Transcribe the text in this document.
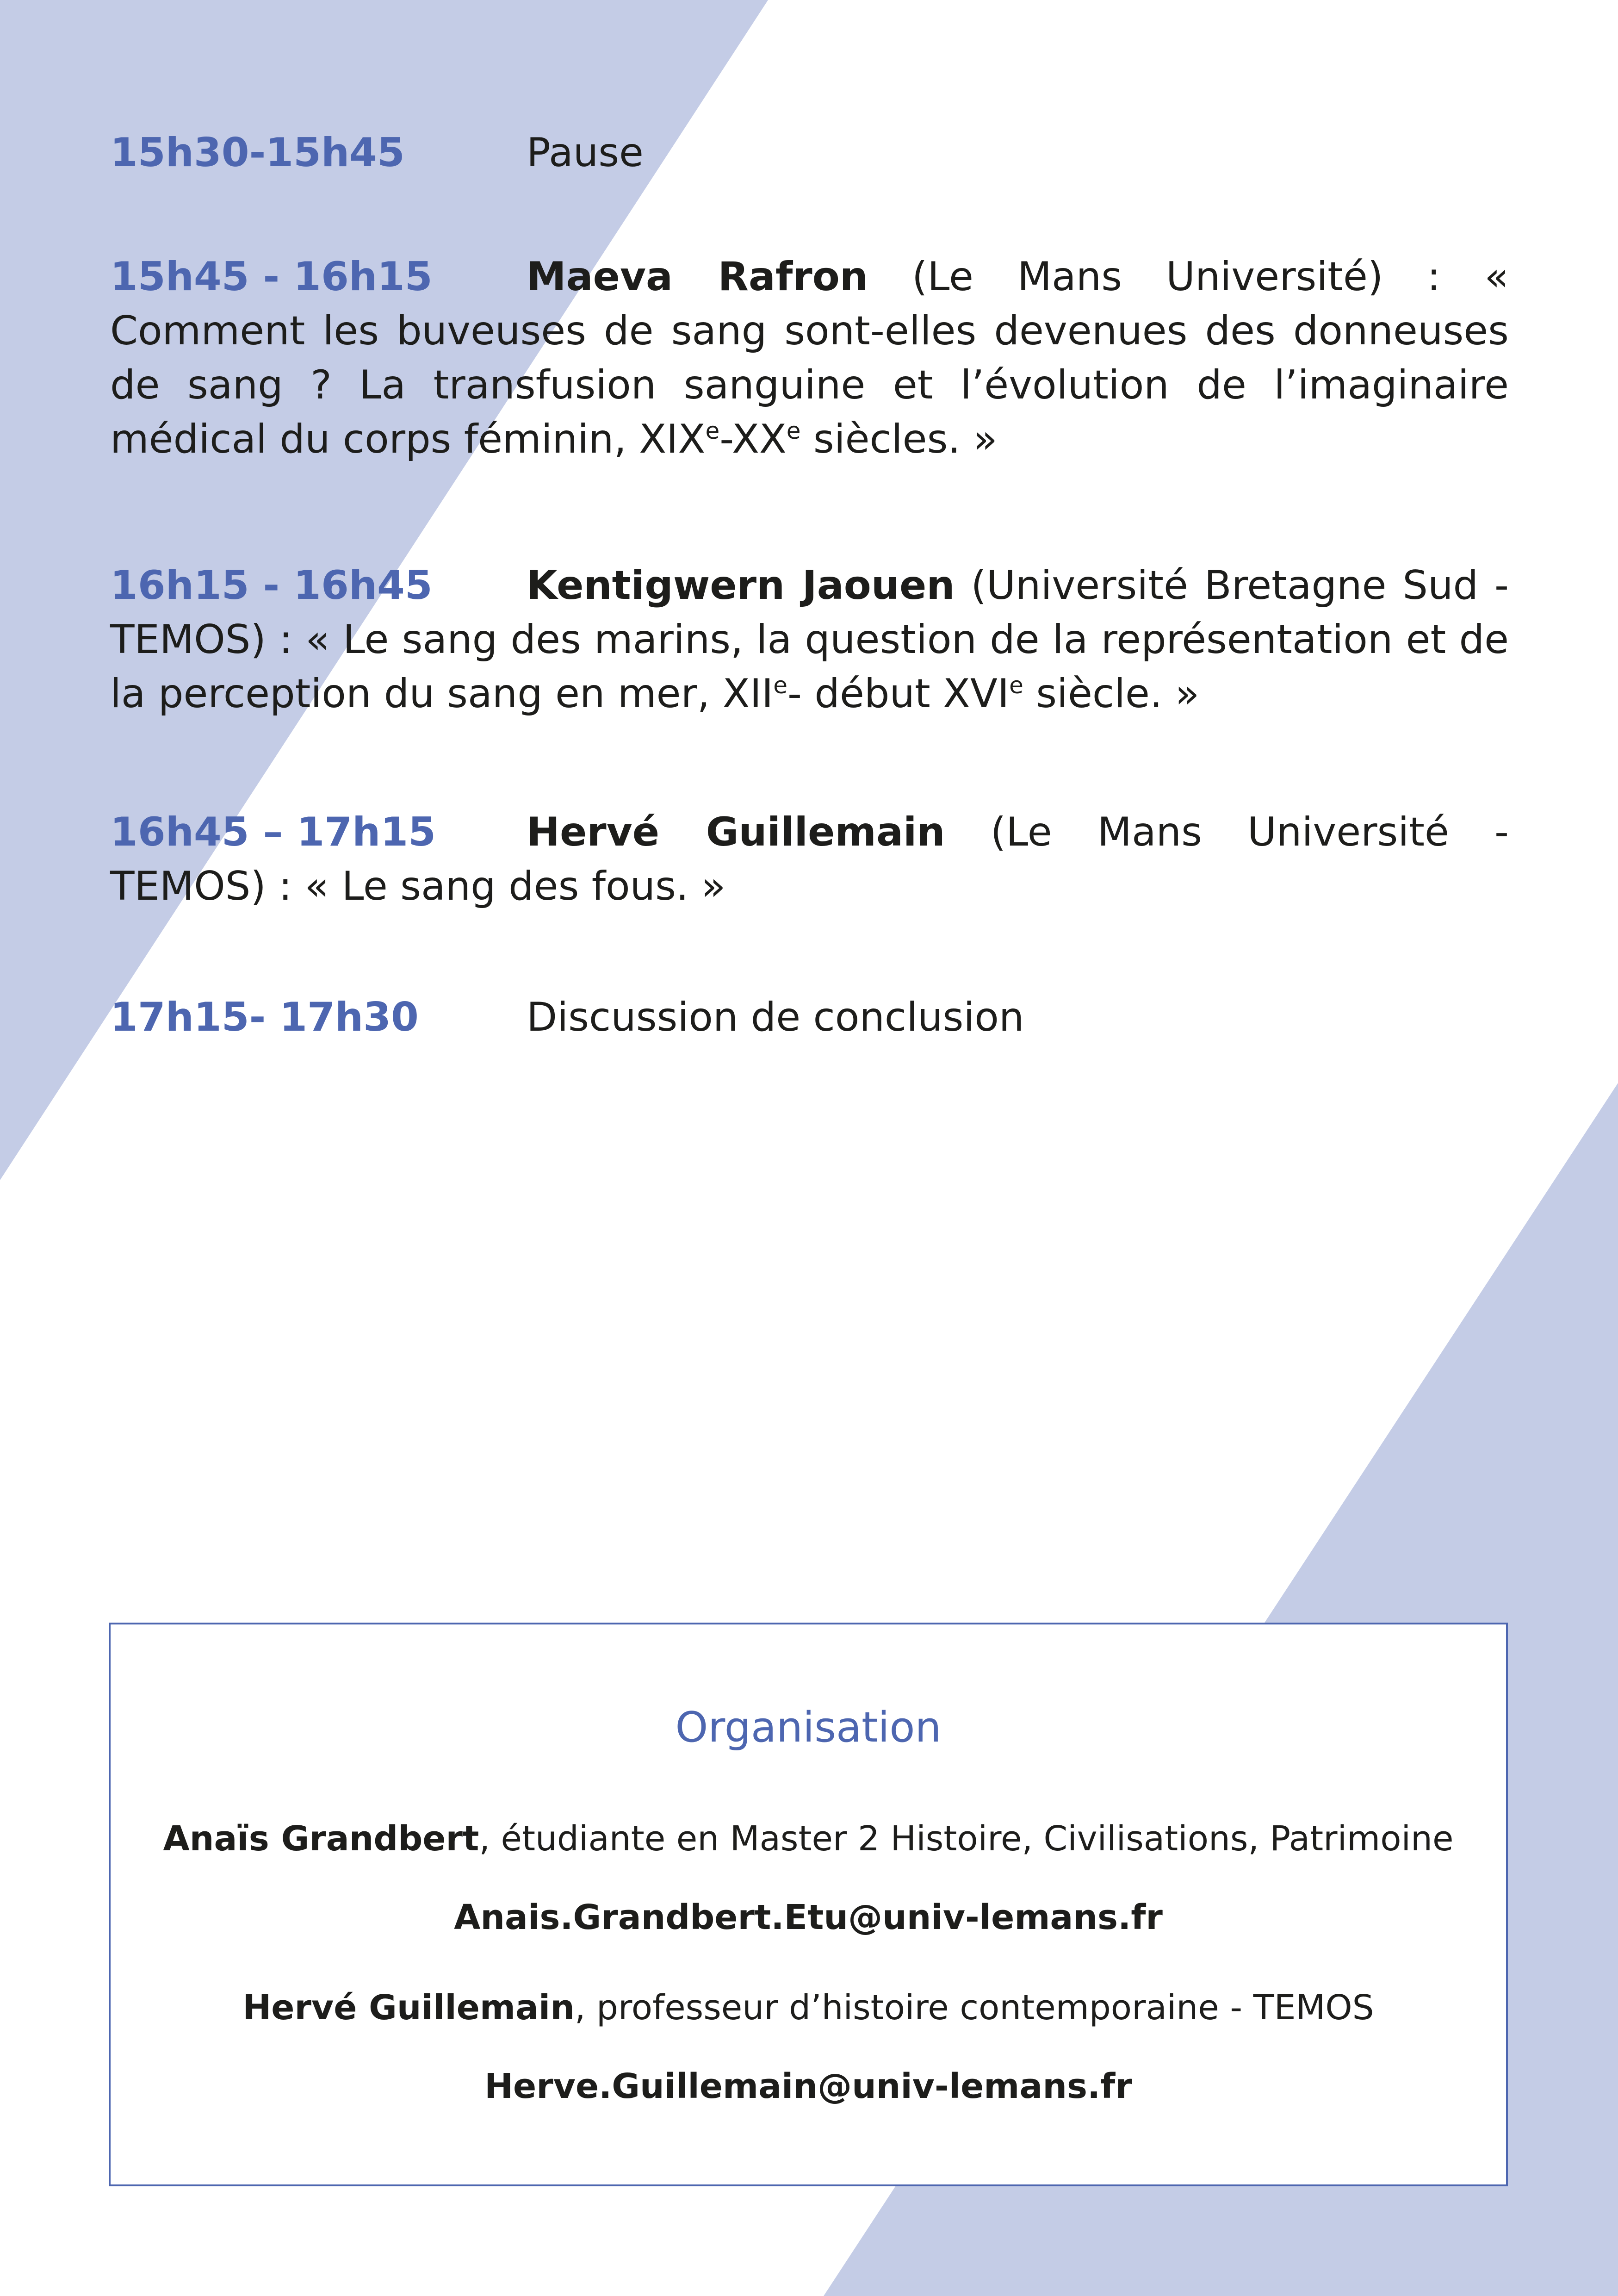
15h30-15h45	Pause
15h45 - 16h15 Maeva Rafron (Le Mans Université) : « Comment les buveuses de sang sont-elles devenues des donneuses de sang ? La transfusion sanguine et l’évolution de l’imaginaire médical du corps féminin, XIXe-XXe siècles. »
16h15 - 16h45 Kentigwern Jaouen (Université Bretagne Sud - TEMOS) : « Le sang des marins, la question de la représentation et de la perception du sang en mer, XIIe- début XVIe siècle. »
16h45 – 17h15 Hervé Guillemain (Le Mans Université - TEMOS) : « Le sang des fous. »
17h15- 17h30	Discussion de conclusion
Organisation
Anaïs Grandbert, étudiante en Master 2 Histoire, Civilisations, Patrimoine
Anais.Grandbert.Etu@univ-lemans.fr
Hervé Guillemain, professeur d’histoire contemporaine - TEMOS
Herve.Guillemain@univ-lemans.fr
